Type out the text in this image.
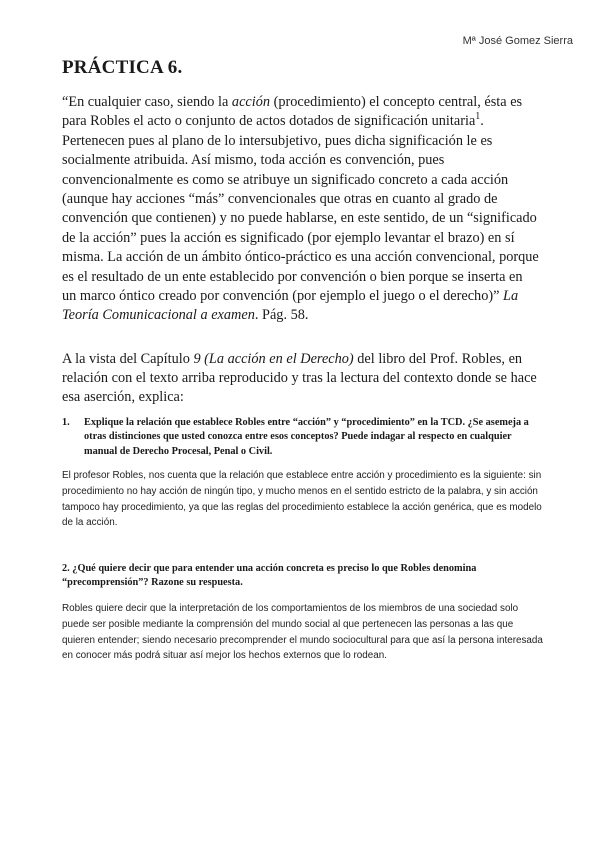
Mª José Gomez Sierra
PRÁCTICA 6.
“En cualquier caso, siendo la acción (procedimiento) el concepto central, ésta es para Robles el acto o conjunto de actos dotados de significación unitaria$^1$. Pertenecen pues al plano de lo intersubjetivo, pues dicha significación le es socialmente atribuida. Así mismo, toda acción es convención, pues convencionalmente es como se atribuye un significado concreto a cada acción (aunque hay acciones “más” convencionales que otras en cuanto al grado de convención que contienen) y no puede hablarse, en este sentido, de un “significado de la acción” pues la acción es significado (por ejemplo levantar el brazo) en sí misma. La acción de un ámbito óntico-práctico es una acción convencional, porque es el resultado de un ente establecido por convención o bien porque se inserta en un marco óntico creado por convención (por ejemplo el juego o el derecho)” La Teoría Comunicacional a examen. Pág. 58.
A la vista del Capítulo 9 (La acción en el Derecho) del libro del Prof. Robles, en relación con el texto arriba reproducido y tras la lectura del contexto donde se hace esa aserción, explica:
1. Explique la relación que establece Robles entre “acción” y “procedimiento” en la TCD. ¿Se asemeja a otras distinciones que usted conozca entre esos conceptos? Puede indagar al respecto en cualquier manual de Derecho Procesal, Penal o Civil.
El profesor Robles, nos cuenta que la relación que establece entre acción y procedimiento es la siguiente: sin procedimiento no hay acción de ningún tipo, y mucho menos en el sentido estricto de la palabra, y sin acción tampoco hay procedimiento, ya que las reglas del procedimiento establece la acción genérica, que es modelo de la acción.
2. ¿Qué quiere decir que para entender una acción concreta es preciso lo que Robles denomina “precomprensión”? Razone su respuesta.
Robles quiere decir que la interpretación de los comportamientos de los miembros de una sociedad solo puede ser posible mediante la comprensión del mundo social al que pertenecen las personas a las que quieren entender; siendo necesario precomprender el mundo sociocultural para que así la persona interesada en conocer más podrá situar así mejor los hechos externos que lo rodean.
